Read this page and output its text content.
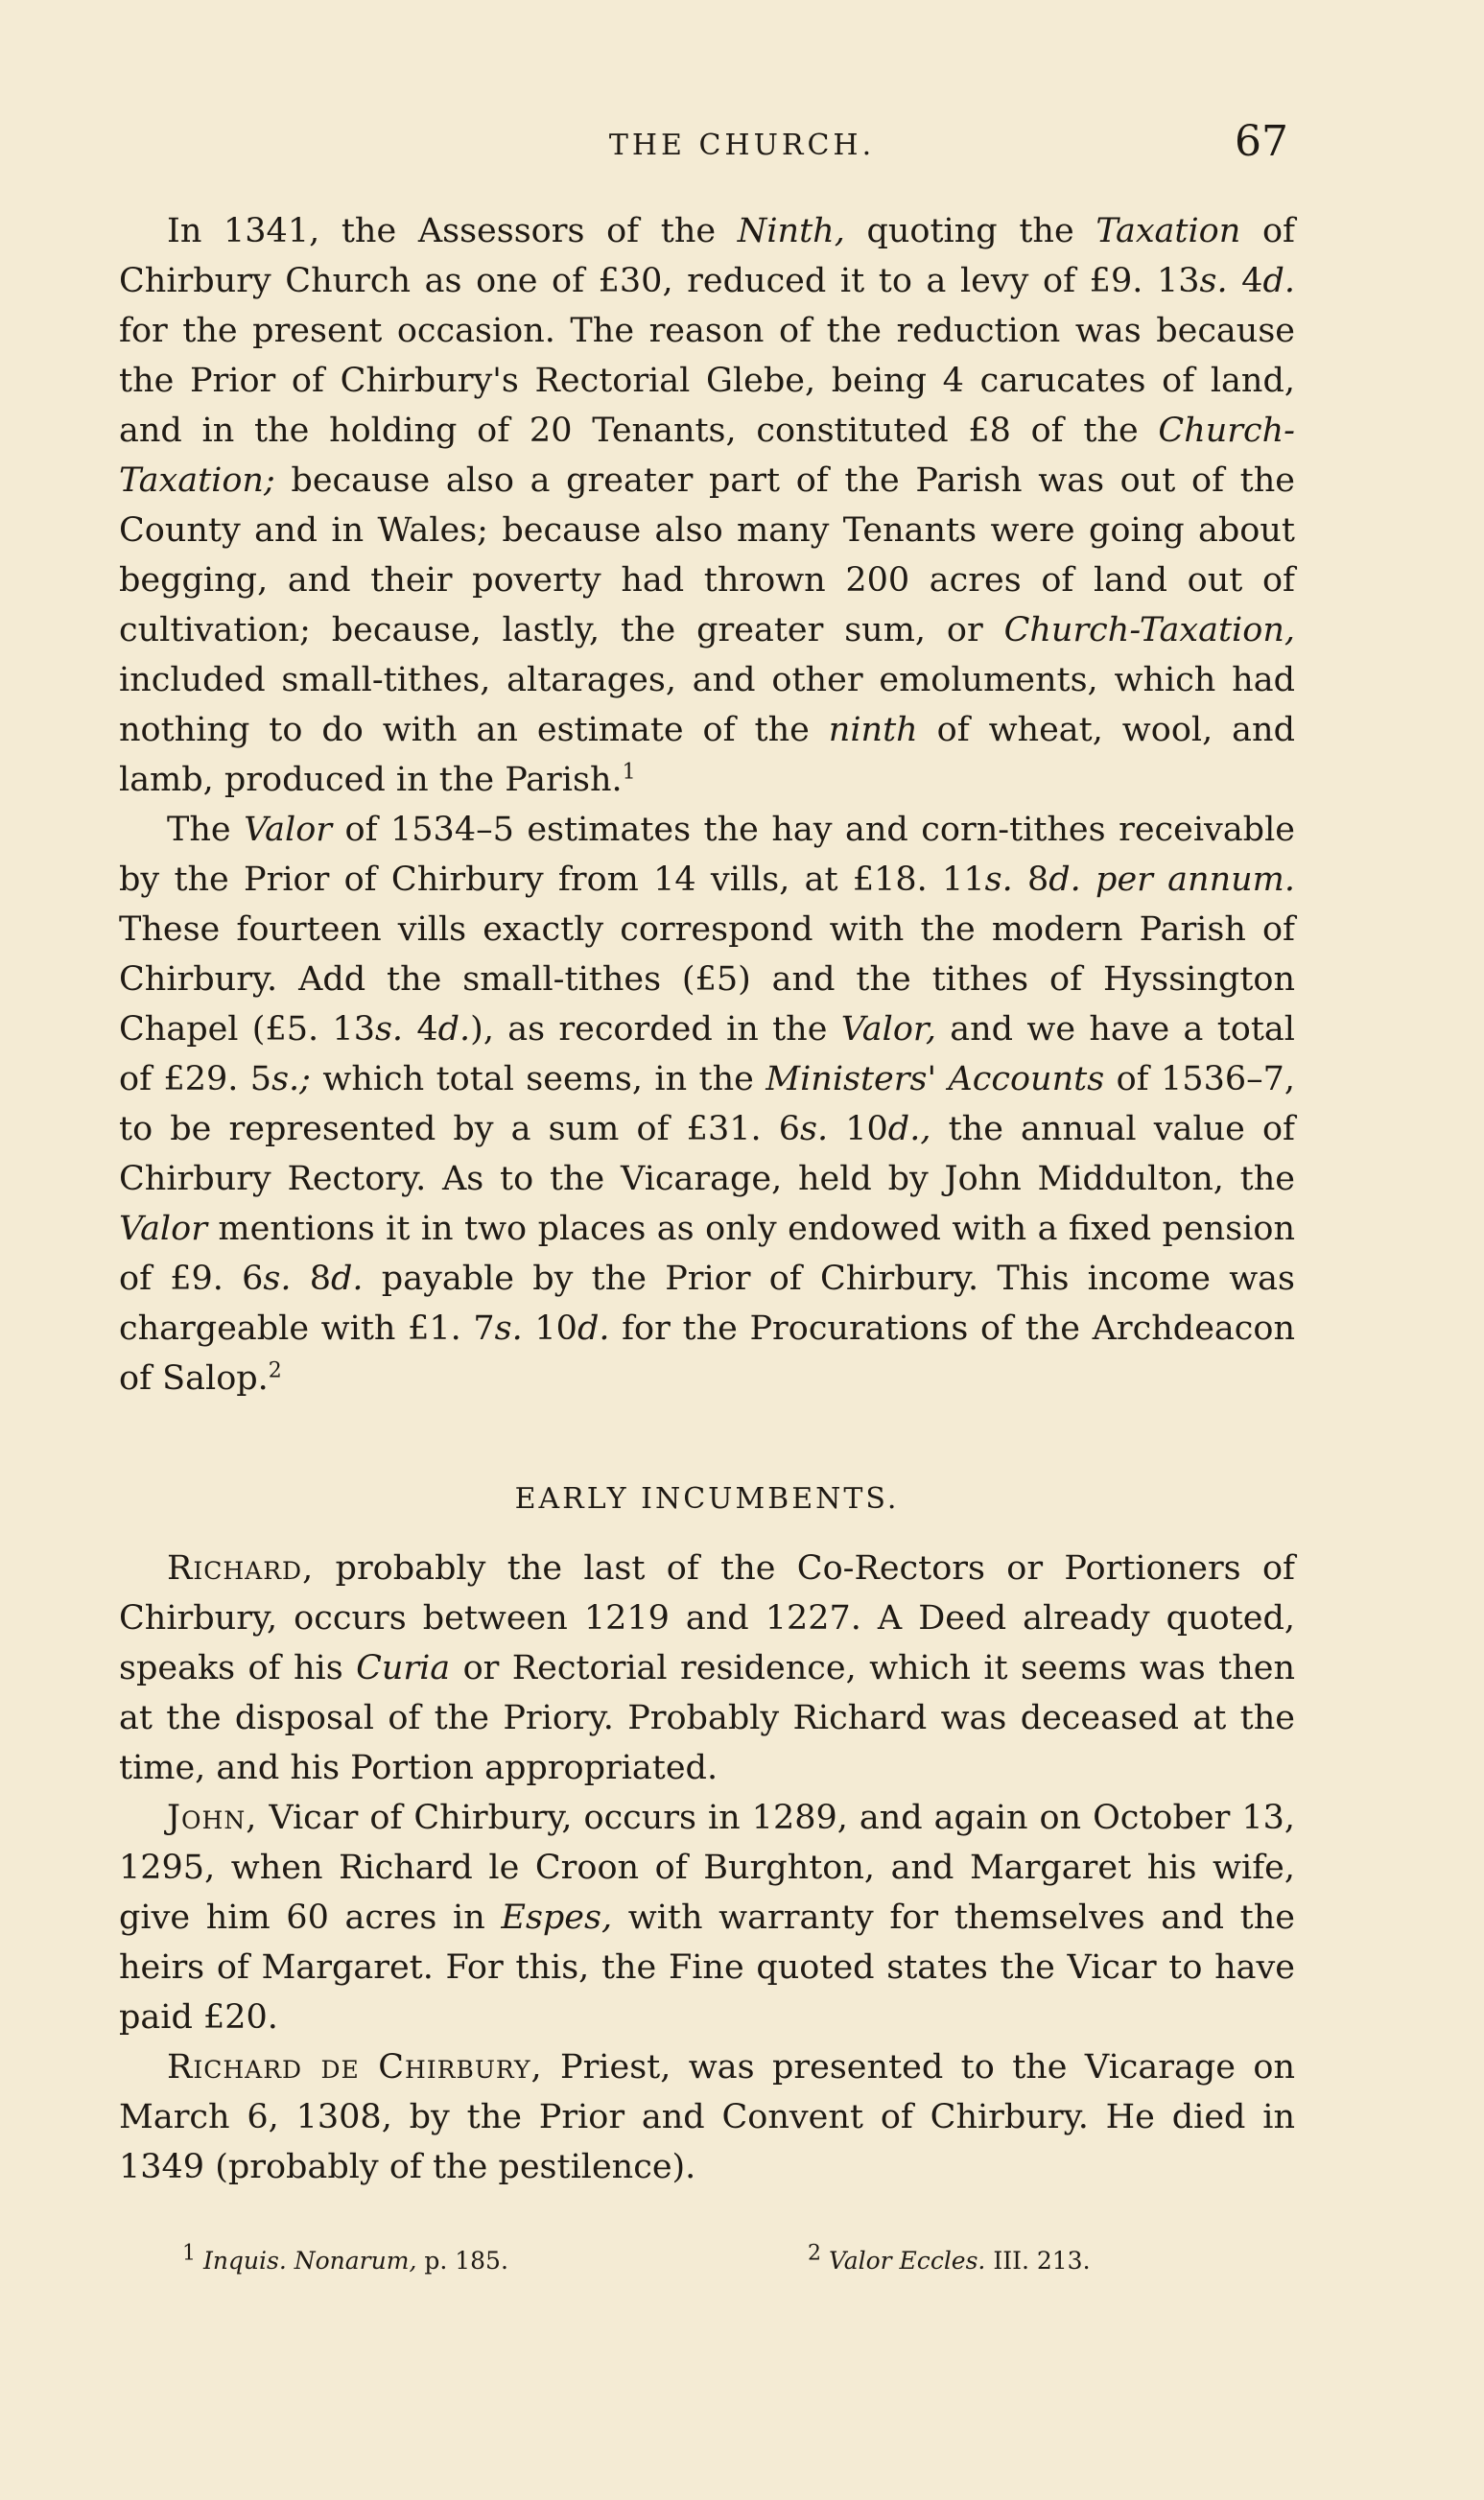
THE CHURCH.	67

In 1341, the Assessors of the Ninth, quoting the Taxation of Chirbury Church as one of £30, reduced it to a levy of £9. 13s. 4d. for the present occasion. The reason of the reduction was because the Prior of Chirbury's Rectorial Glebe, being 4 carucates of land, and in the holding of 20 Tenants, constituted £8 of the Church-Taxation; because also a greater part of the Parish was out of the County and in Wales; because also many Tenants were going about begging, and their poverty had thrown 200 acres of land out of cultivation; because, lastly, the greater sum, or Church-Taxation, included small-tithes, altarages, and other emoluments, which had nothing to do with an estimate of the ninth of wheat, wool, and lamb, produced in the Parish.$^1$

The Valor of 1534–5 estimates the hay and corn-tithes receivable by the Prior of Chirbury from 14 vills, at £18. 11s. 8d. per annum. These fourteen vills exactly correspond with the modern Parish of Chirbury. Add the small-tithes (£5) and the tithes of Hyssington Chapel (£5. 13s. 4d.), as recorded in the Valor, and we have a total of £29. 5s.; which total seems, in the Ministers' Accounts of 1536–7, to be represented by a sum of £31. 6s. 10d., the annual value of Chirbury Rectory. As to the Vicarage, held by John Middulton, the Valor mentions it in two places as only endowed with a fixed pension of £9. 6s. 8d. payable by the Prior of Chirbury. This income was chargeable with £1. 7s. 10d. for the Procurations of the Archdeacon of Salop.$^2$

EARLY INCUMBENTS.

Richard, probably the last of the Co-Rectors or Portioners of Chirbury, occurs between 1219 and 1227. A Deed already quoted, speaks of his Curia or Rectorial residence, which it seems was then at the disposal of the Priory. Probably Richard was deceased at the time, and his Portion appropriated.

John, Vicar of Chirbury, occurs in 1289, and again on October 13, 1295, when Richard le Croon of Burghton, and Margaret his wife, give him 60 acres in Espes, with warranty for themselves and the heirs of Margaret. For this, the Fine quoted states the Vicar to have paid £20.

Richard de Chirbury, Priest, was presented to the Vicarage on March 6, 1308, by the Prior and Convent of Chirbury. He died in 1349 (probably of the pestilence).

$^1$ Inquis. Nonarum, p. 185.	$^2$ Valor Eccles. III. 213.
